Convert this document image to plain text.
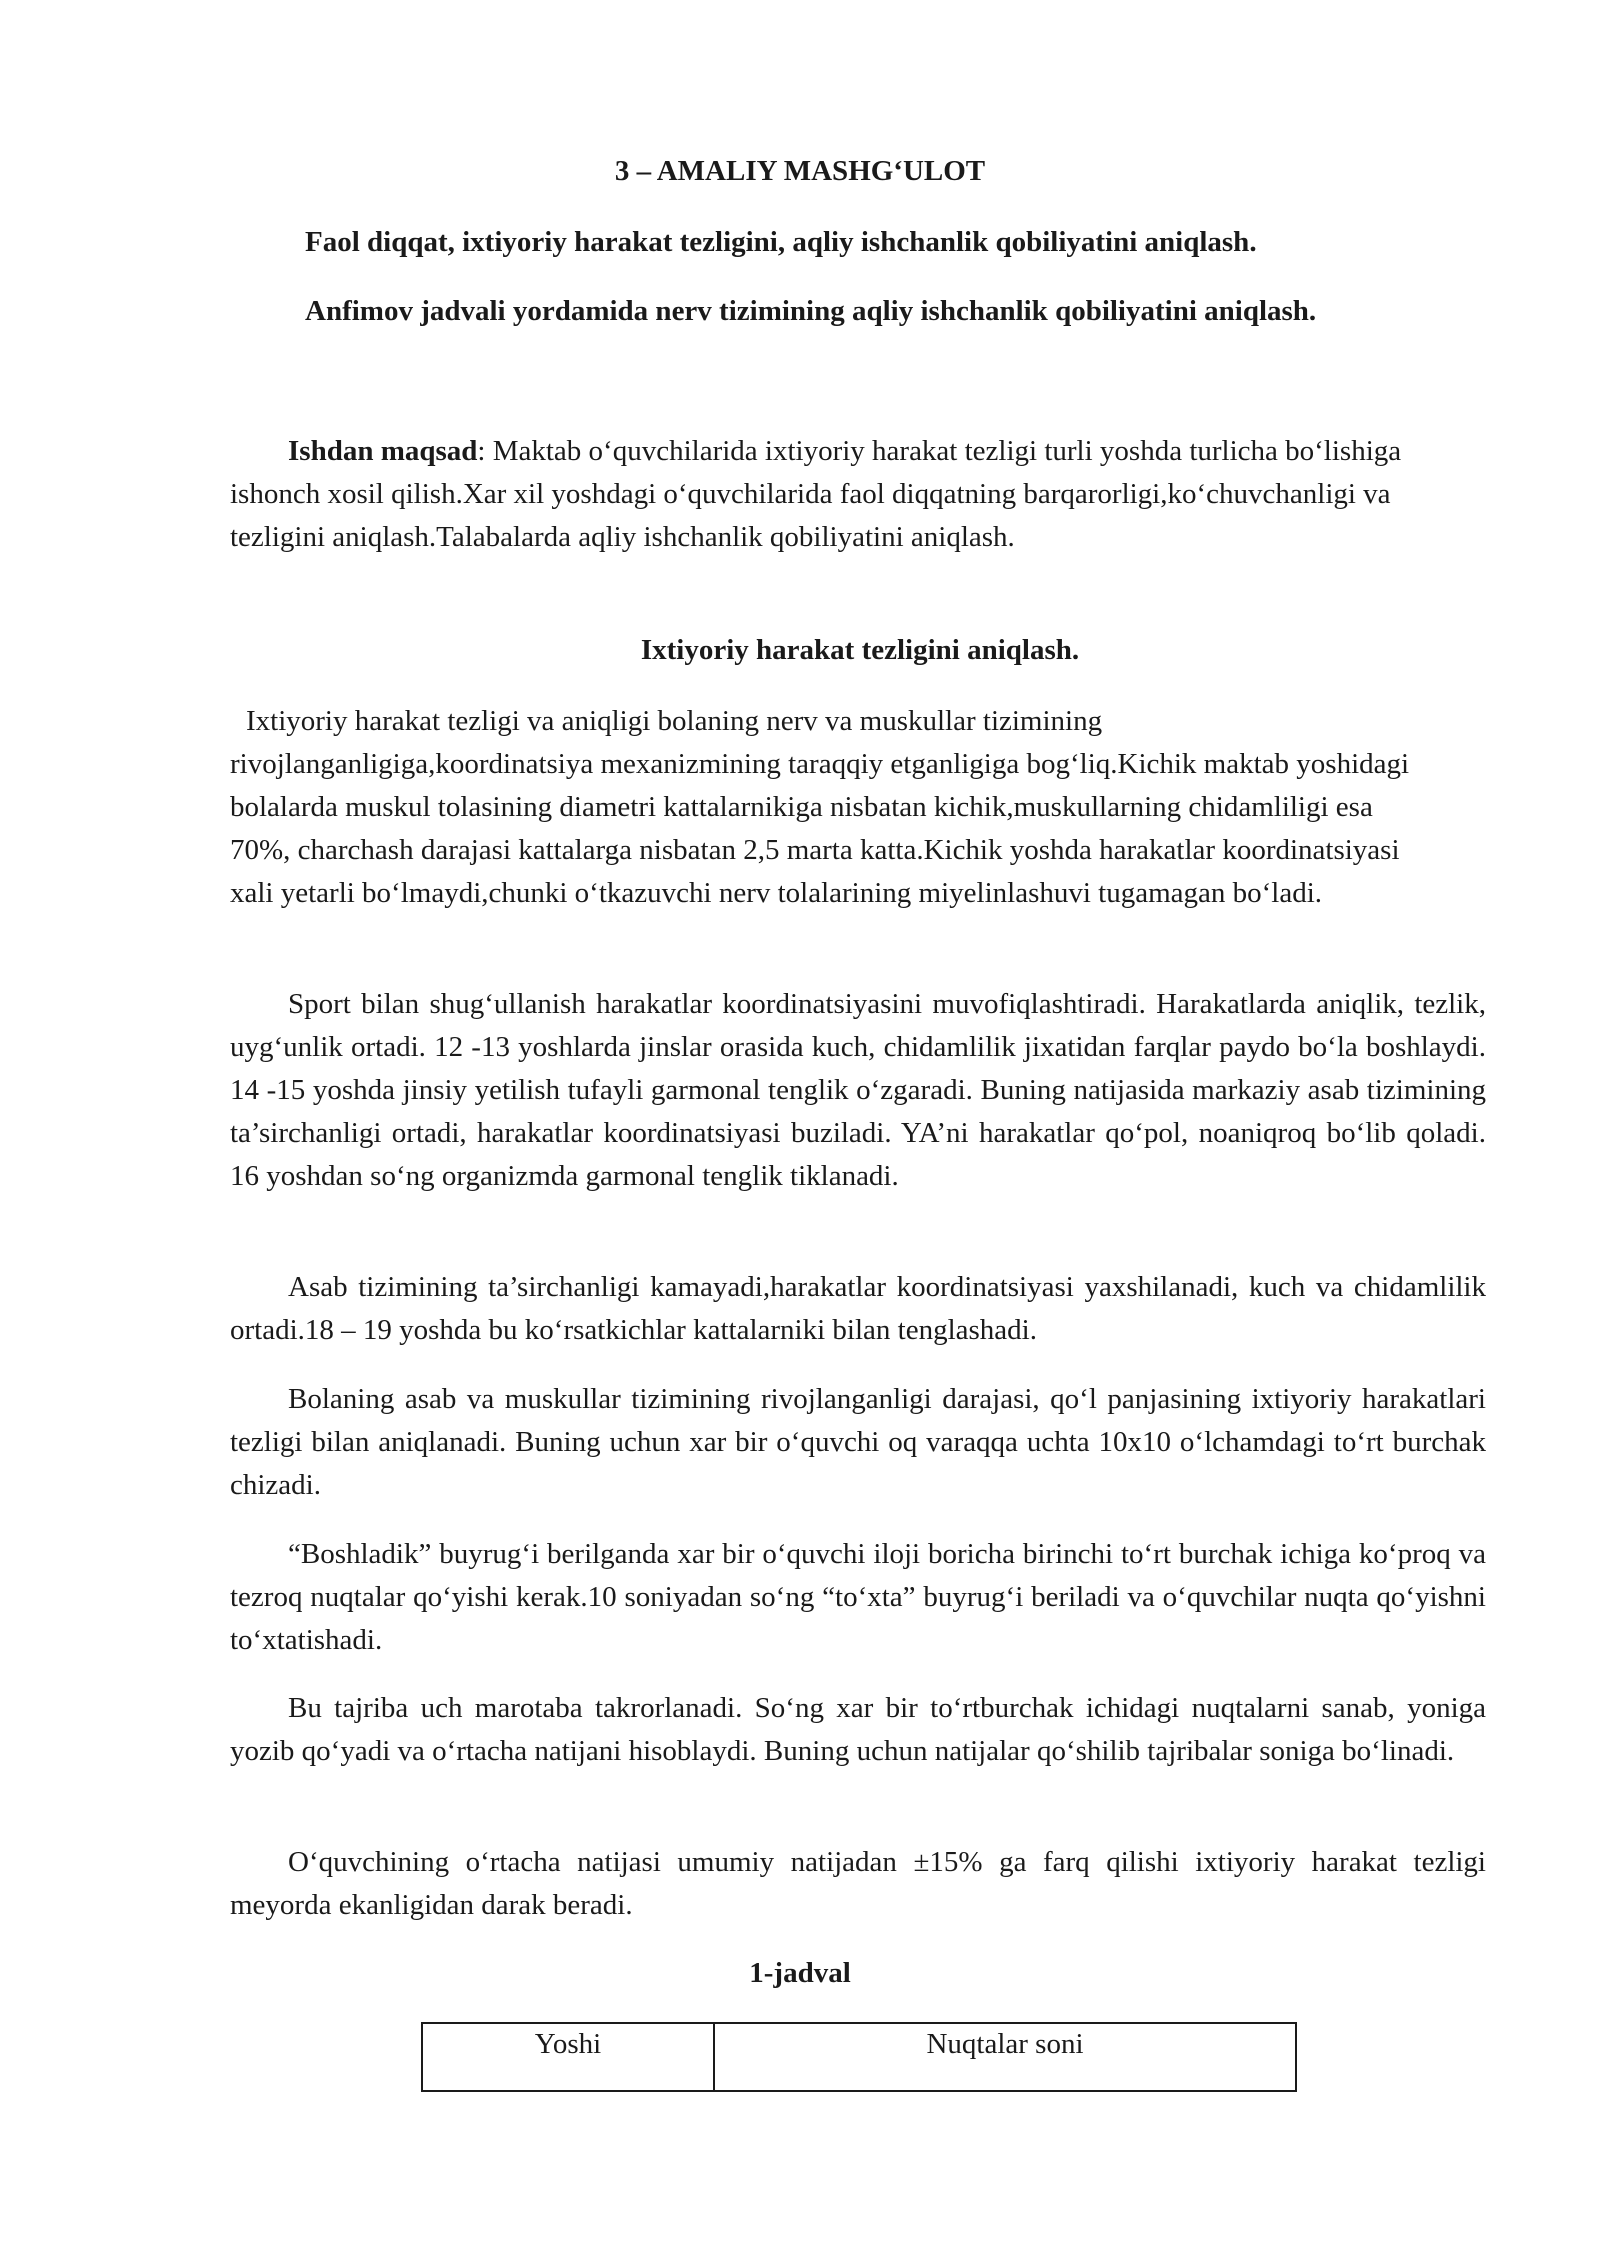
3 – AMALIY MASHG‘ULOT
Faol diqqat, ixtiyoriy harakat tezligini, aqliy ishchanlik qobiliyatini aniqlash.
Anfimov jadvali yordamida nerv tizimining aqliy ishchanlik qobiliyatini aniqlash.

Ishdan maqsad: Maktab o‘quvchilarida ixtiyoriy harakat tezligi turli yoshda turlicha bo‘lishiga ishonch xosil qilish.Xar xil yoshdagi o‘quvchilarida faol diqqatning barqarorligi,ko‘chuvchanligi va tezligini aniqlash.Talabalarda aqliy ishchanlik qobiliyatini aniqlash.

Ixtiyoriy harakat tezligini aniqlash.

Ixtiyoriy harakat tezligi va aniqligi bolaning nerv va muskullar tizimining rivojlanganligiga,koordinatsiya mexanizmining taraqqiy etganligiga bog‘liq.Kichik maktab yoshidagi bolalarda muskul tolasining diametri kattalarnikiga nisbatan kichik,muskullarning chidamliligi esa 70%, charchash darajasi kattalarga nisbatan 2,5 marta katta.Kichik yoshda harakatlar koordinatsiyasi xali yetarli bo‘lmaydi,chunki o‘tkazuvchi nerv tolalarining miyelinlashuvi tugamagan bo‘ladi.

Sport bilan shug‘ullanish harakatlar koordinatsiyasini muvofiqlashtiradi. Harakatlarda aniqlik, tezlik, uyg‘unlik ortadi. 12 -13 yoshlarda jinslar orasida kuch, chidamlilik jixatidan farqlar paydo bo‘la boshlaydi. 14 -15 yoshda jinsiy yetilish tufayli garmonal tenglik o‘zgaradi. Buning natijasida markaziy asab tizimining ta’sirchanligi ortadi, harakatlar koordinatsiyasi buziladi. YA’ni harakatlar qo‘pol, noaniqroq bo‘lib qoladi. 16 yoshdan so‘ng organizmda garmonal tenglik tiklanadi.

Asab tizimining ta’sirchanligi kamayadi,harakatlar koordinatsiyasi yaxshilanadi, kuch va chidamlilik ortadi.18 – 19 yoshda bu ko‘rsatkichlar kattalarniki bilan tenglashadi.

Bolaning asab va muskullar tizimining rivojlanganligi darajasi, qo‘l panjasining ixtiyoriy harakatlari tezligi bilan aniqlanadi. Buning uchun xar bir o‘quvchi oq varaqqa uchta 10x10 o‘lchamdagi to‘rt burchak chizadi.

“Boshladik” buyrug‘i berilganda xar bir o‘quvchi iloji boricha birinchi to‘rt burchak ichiga ko‘proq va tezroq nuqtalar qo‘yishi kerak.10 soniyadan so‘ng “to‘xta” buyrug‘i beriladi va o‘quvchilar nuqta qo‘yishni to‘xtatishadi.

Bu tajriba uch marotaba takrorlanadi. So‘ng xar bir to‘rtburchak ichidagi nuqtalarni sanab, yoniga yozib qo‘yadi va o‘rtacha natijani hisoblaydi. Buning uchun natijalar qo‘shilib tajribalar soniga bo‘linadi.

O‘quvchining o‘rtacha natijasi umumiy natijadan ±15% ga farq qilishi ixtiyoriy harakat tezligi meyorda ekanligidan darak beradi.

1-jadval
Yoshi	Nuqtalar soni
